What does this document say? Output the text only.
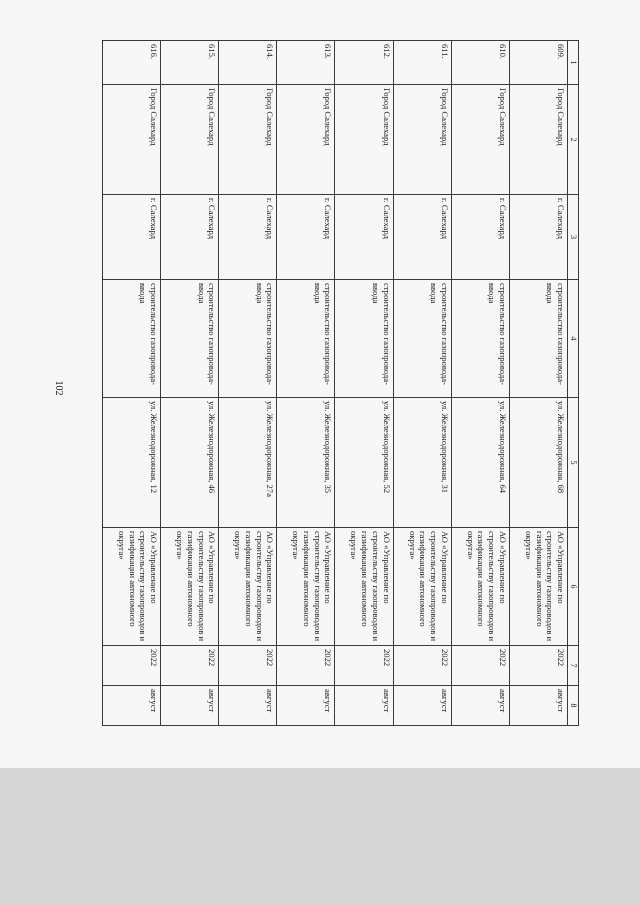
102
1	2	3	4	5	6	7	8
609.	Город Салехард	г. Салехард	строительство газопровода-ввода	ул. Железнодорожная, 68	АО «Управление по строительству газопроводов и газификации автономного округа»	2022	август
610.	Город Салехард	г. Салехард	строительство газопровода-ввода	ул. Железнодорожная, 64	АО «Управление по строительству газопроводов и газификации автономного округа»	2022	август
611.	Город Салехард	г. Салехард	строительство газопровода-ввода	ул. Железнодорожная, 31	АО «Управление по строительству газопроводов и газификации автономного округа»	2022	август
612.	Город Салехард	г. Салехард	строительство газопровода-ввода	ул. Железнодорожная, 52	АО «Управление по строительству газопроводов и газификации автономного округа»	2022	август
613.	Город Салехард	г. Салехард	строительство газопровода-ввода	ул. Железнодорожная, 35	АО «Управление по строительству газопроводов и газификации автономного округа»	2022	август
614.	Город Салехард	г. Салехард	строительство газопровода-ввода	ул. Железнодорожная, 27а	АО «Управление по строительству газопроводов и газификации автономного округа»	2022	август
615.	Город Салехард	г. Салехард	строительство газопровода-ввода	ул. Железнодорожная, 46	АО «Управление по строительству газопроводов и газификации автономного округа»	2022	август
616.	Город Салехард	г. Салехард	строительство газопровода-ввода	ул. Железнодорожная, 12	АО «Управление по строительству газопроводов и газификации автономного округа»	2022	август
